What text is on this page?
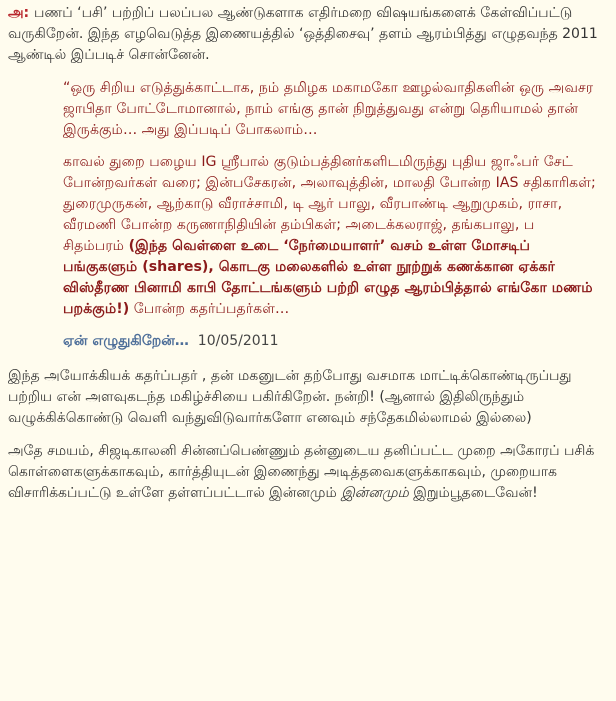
அ: பணப் ‘பசி’ பற்றிப் பலப்பல ஆண்டுகளாக எதிர்மறை விஷயங்களைக் கேள்விப்பட்டு வருகிறேன். இந்த எழவெடுத்த இணையத்தில் ‘ஒத்திசைவு’ தளம் ஆரம்பித்து எழுதவந்த 2011 ஆண்டில் இப்படிச் சொன்னேன்.

“ஒரு சிறிய எடுத்துக்காட்டாக, நம் தமிழக மகாமகோ ஊழல்வாதிகளின் ஒரு அவசர ஜாபிதா போட்டோமானால், நாம் எங்கு தான் நிறுத்துவது என்று தெரியாமல் தான் இருக்கும்… அது இப்படிப் போகலாம்…

காவல் துறை பழைய IG ஸ்ரீபால் குடும்பத்தினர்களிடமிருந்து புதிய ஜாஃபர் சேட் போன்றவர்கள் வரை; இன்பசேகரன், அலாவுத்தின், மாலதி போன்ற IAS சதிகாரிகள்; துரைமுருகன், ஆற்காடு வீராச்சாமி, டி ஆர் பாலு, வீரபாண்டி ஆறுமுகம், ராசா, வீரமணி போன்ற கருணாநிதியின் தம்பிகள்; அடைக்கலராஜ், தங்கபாலு, ப சிதம்பரம் (இந்த வெள்ளை உடை ‘நேர்மையாளர்’ வசம் உள்ள மோசடிப் பங்குகளும் (shares), கொடகு மலைகளில் உள்ள நூற்றுக் கணக்கான ஏக்கர் விஸ்தீரண பினாமி காபி தோட்டங்களும் பற்றி எழுத ஆரம்பித்தால் எங்கோ மணம் பறக்கும்!) போன்ற கதர்ப்பதர்கள்…

ஏன் எழுதுகிறேன்… 10/05/2011

இந்த அயோக்கியக் கதர்ப்பதர் , தன் மகனுடன் தற்போது வசமாக மாட்டிக்கொண்டிருப்பது பற்றிய என் அளவுகடந்த மகிழ்ச்சியை பகிர்கிறேன். நன்றி! (ஆனால் இதிலிருந்தும் வழுக்கிக்கொண்டு வெளி வந்துவிடுவார்களோ எனவும் சந்தேகமில்லாமல் இல்லை)

அதே சமயம், சிஜடிகாலனி சின்னப்பெண்ணும் தன்னுடைய தனிப்பட்ட முறை அகோரப் பசிக் கொள்ளைகளுக்காகவும், கார்த்தியுடன் இணைந்து அடித்தவைகளுக்காகவும், முறையாக விசாரிக்கப்பட்டு உள்ளே தள்ளப்பட்டால் இன்னமும் இன்னமும் இறும்பூதடைவேன்!
